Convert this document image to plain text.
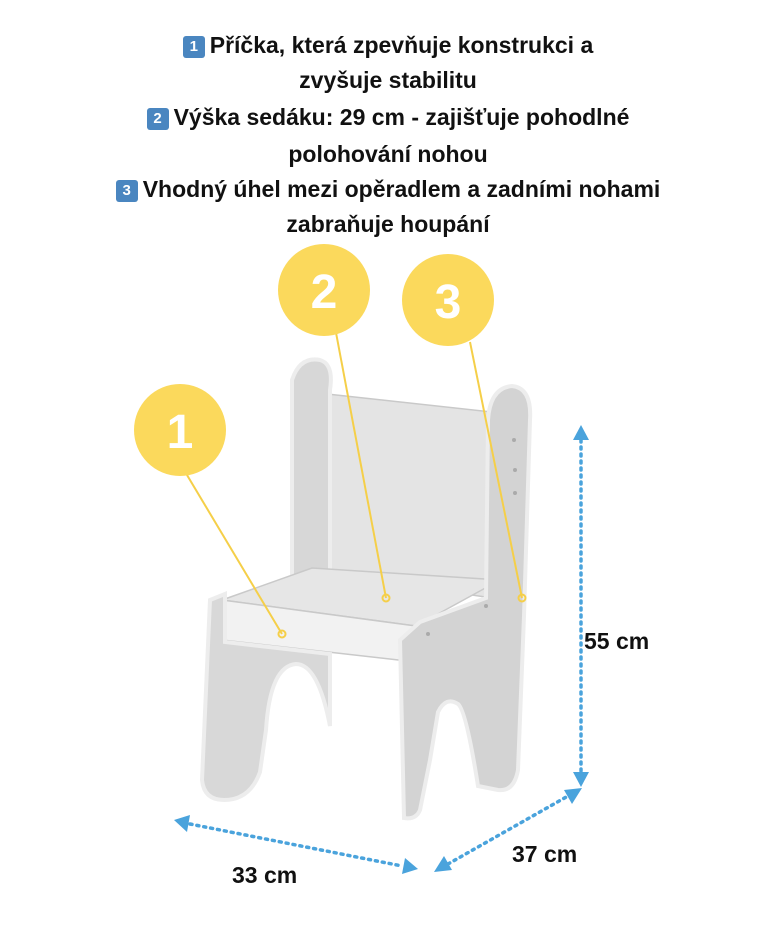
1 Příčka, která zpevňuje konstrukci a
zvyšuje stabilitu
2 Výška sedáku: 29 cm - zajišťuje pohodlné
polohování nohou
3 Vhodný úhel mezi opěradlem a zadními nohami
zabraňuje houpání
1
2 3
55 cm
37 cm
33 cm
